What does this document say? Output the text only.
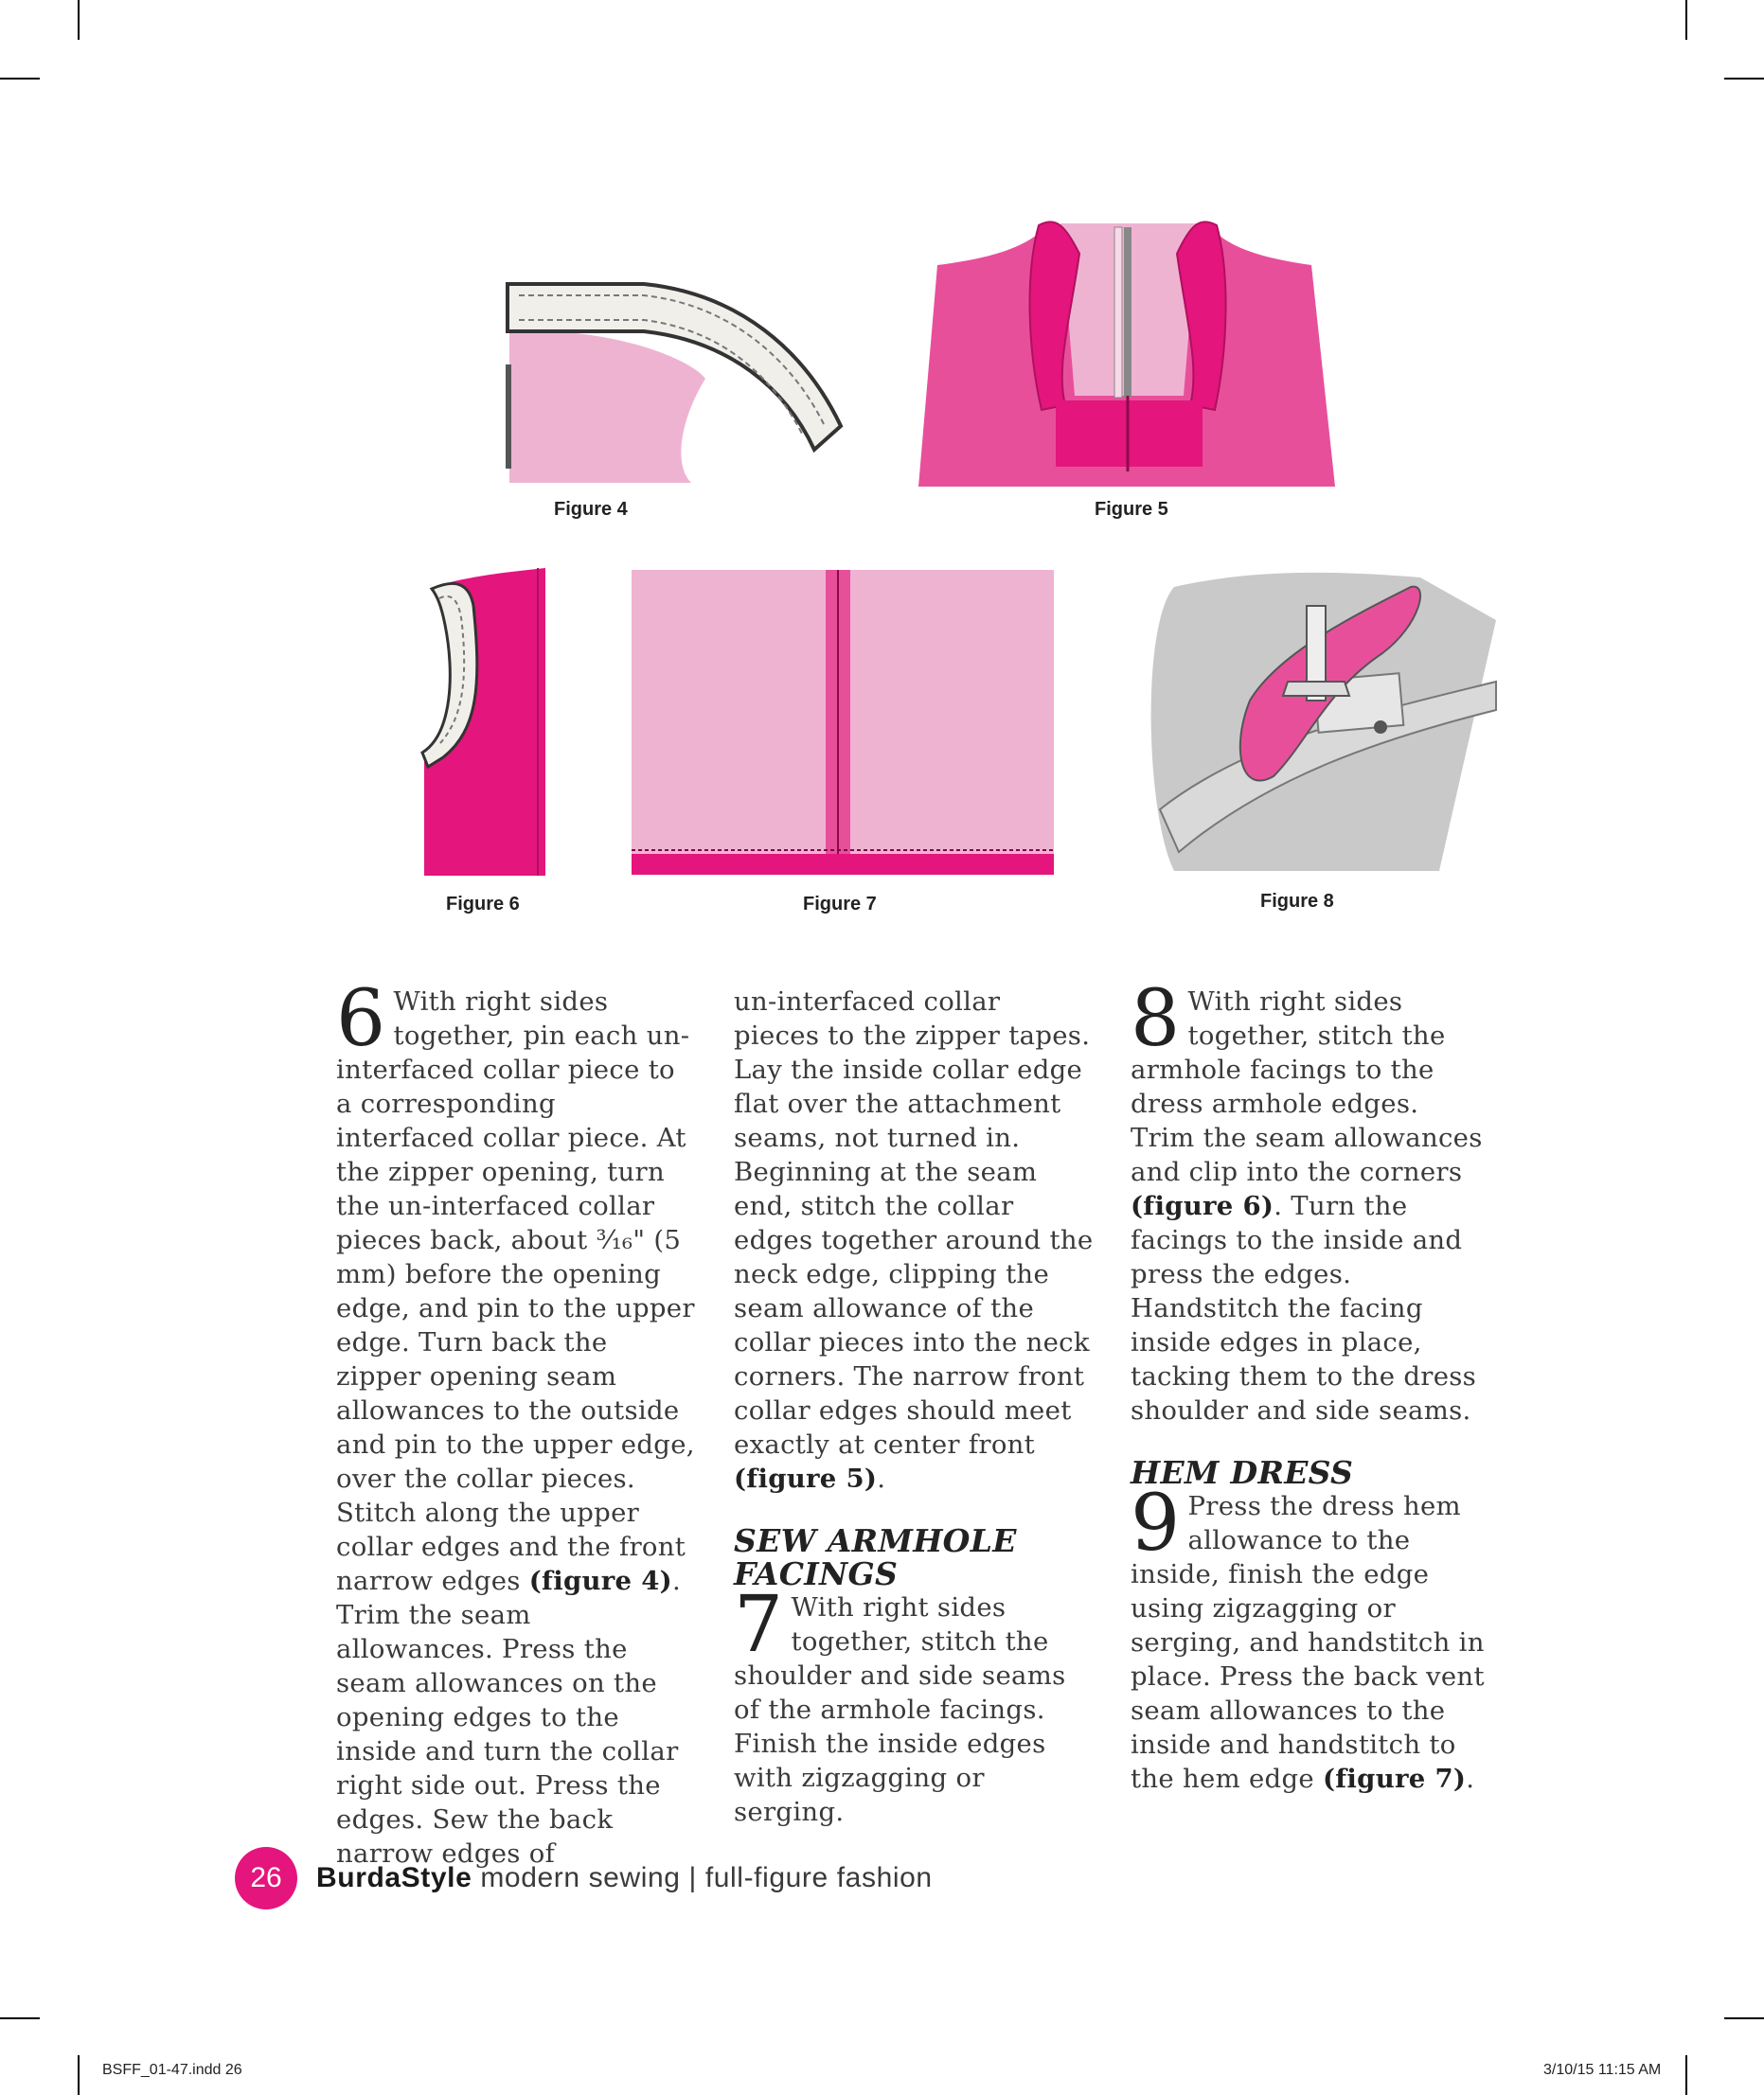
Figure 4	Figure 5
Figure 6	Figure 7	Figure 8

6 With right sides together, pin each un-interfaced collar piece to a corresponding interfaced collar piece. At the zipper opening, turn the un-interfaced collar pieces back, about ³⁄₁₆" (5 mm) before the opening edge, and pin to the upper edge. Turn back the zipper opening seam allowances to the outside and pin to the upper edge, over the collar pieces. Stitch along the upper collar edges and the front narrow edges (figure 4). Trim the seam allowances. Press the seam allowances on the opening edges to the inside and turn the collar right side out. Press the edges. Sew the back narrow edges of

un-interfaced collar pieces to the zipper tapes. Lay the inside collar edge flat over the attachment seams, not turned in. Beginning at the seam end, stitch the collar edges together around the neck edge, clipping the seam allowance of the collar pieces into the neck corners. The narrow front collar edges should meet exactly at center front (figure 5).

SEW ARMHOLE FACINGS

7 With right sides together, stitch the shoulder and side seams of the armhole facings. Finish the inside edges with zigzagging or serging.

8 With right sides together, stitch the armhole facings to the dress armhole edges. Trim the seam allowances and clip into the corners (figure 6). Turn the facings to the inside and press the edges. Handstitch the facing inside edges in place, tacking them to the dress shoulder and side seams.

HEM DRESS

9 Press the dress hem allowance to the inside, finish the edge using zigzagging or serging, and handstitch in place. Press the back vent seam allowances to the inside and handstitch to the hem edge (figure 7).

26	BurdaStyle modern sewing | full-figure fashion
BSFF_01-47.indd 26	3/10/15 11:15 AM
